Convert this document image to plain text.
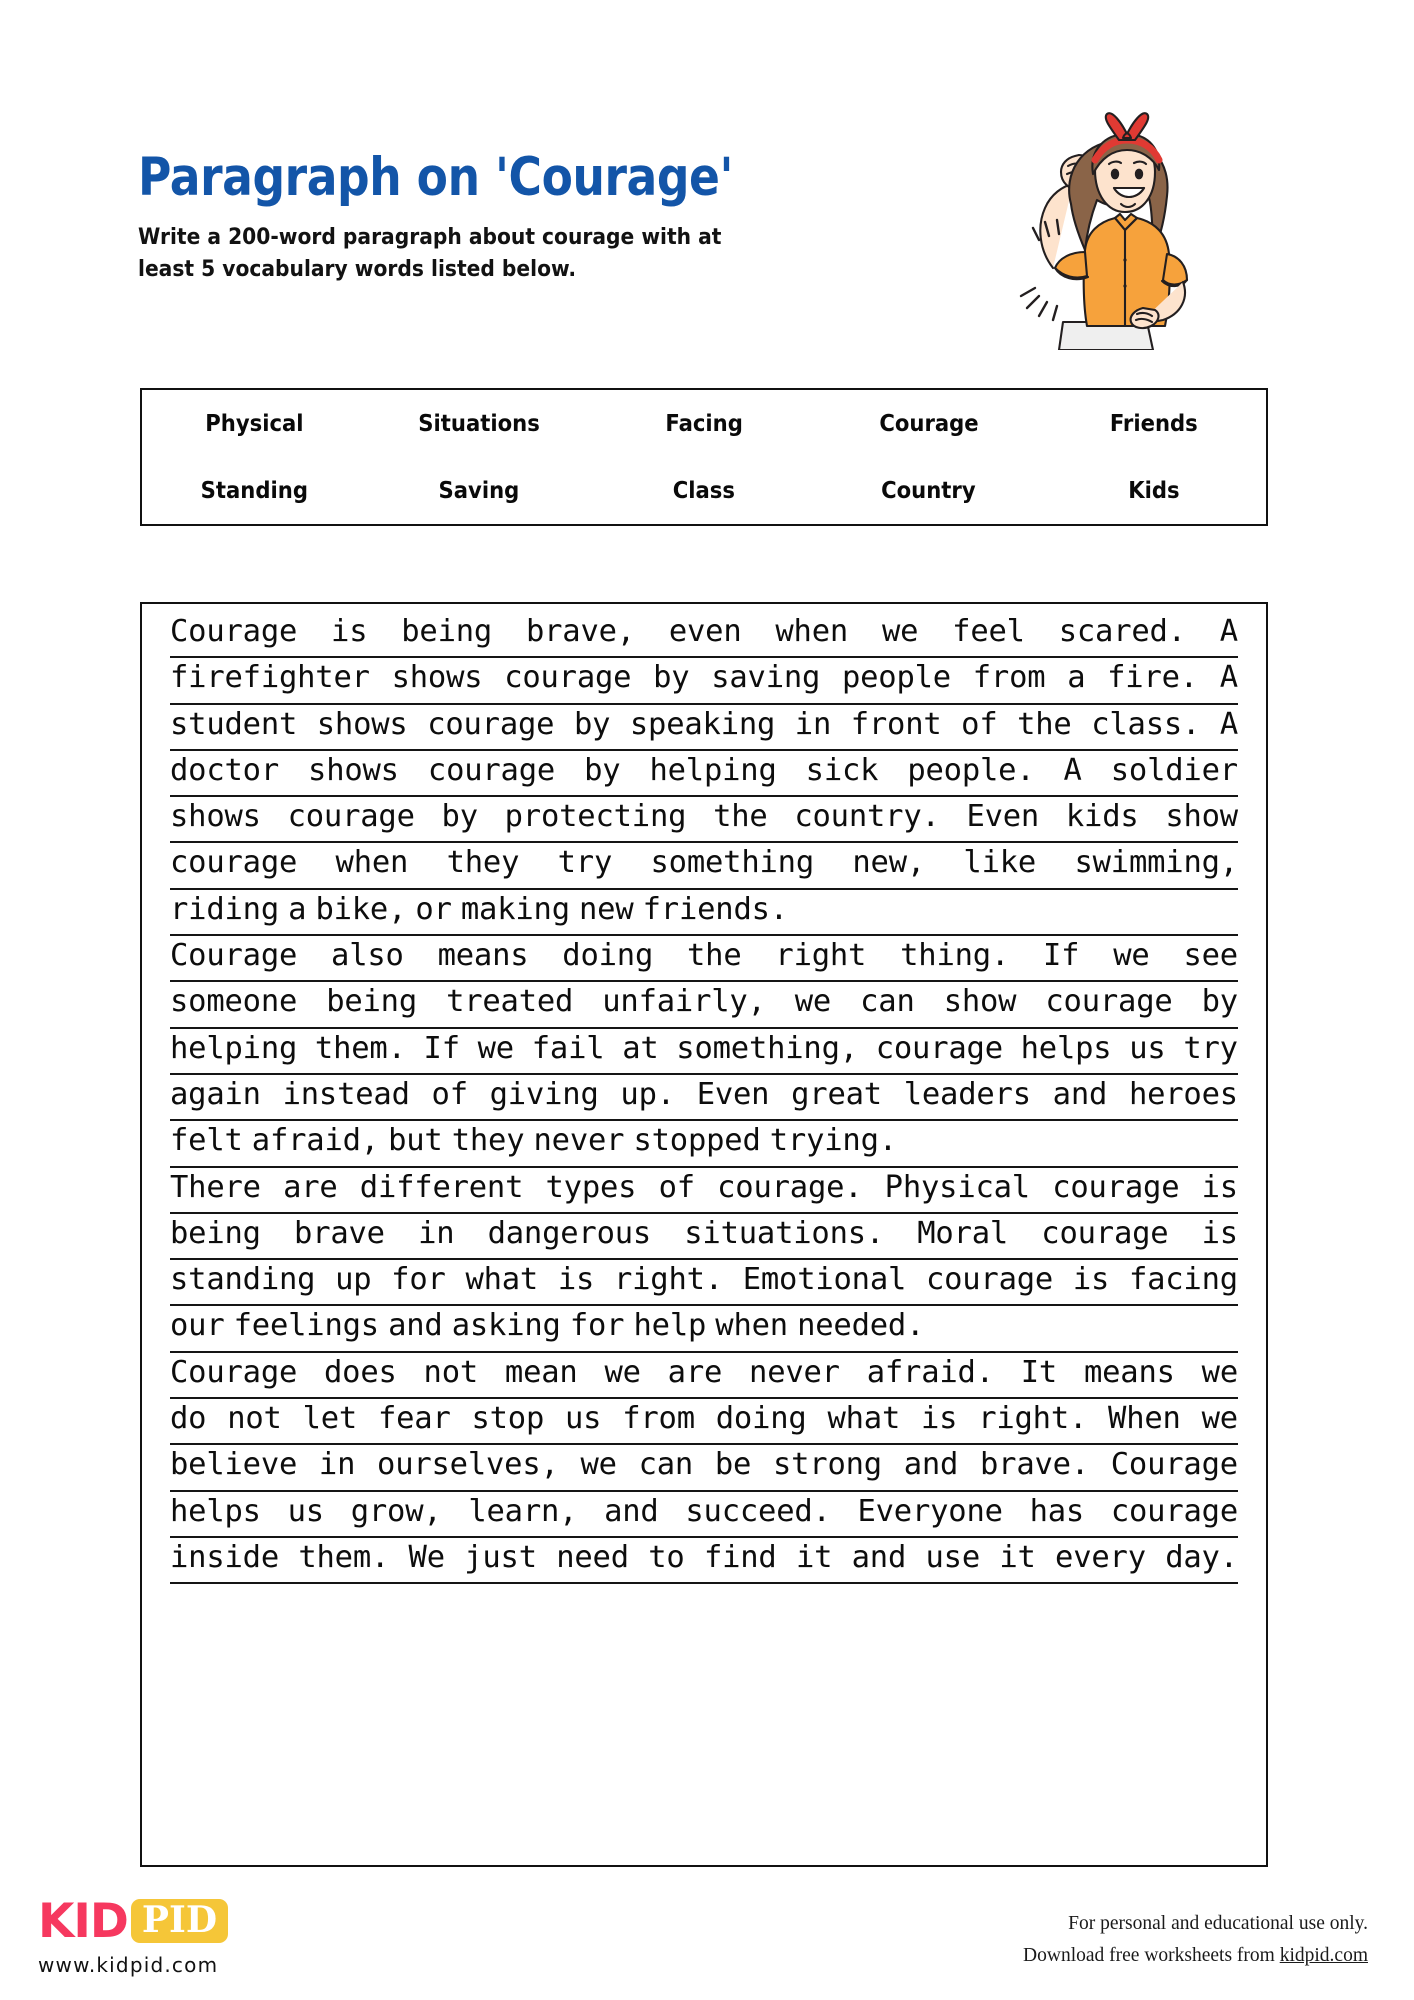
Paragraph on 'Courage'
Write a 200-word paragraph about courage with at
least 5 vocabulary words listed below.
Physical	Situations	Facing	Courage	Friends
Standing	Saving	Class	Country	Kids
Courage is being brave, even when we feel scared. A
firefighter shows courage by saving people from a fire. A
student shows courage by speaking in front of the class. A
doctor shows courage by helping sick people. A soldier
shows courage by protecting the country. Even kids show
courage when they try something new, like swimming,
riding a bike, or making new friends.
Courage also means doing the right thing. If we see
someone being treated unfairly, we can show courage by
helping them. If we fail at something, courage helps us try
again instead of giving up. Even great leaders and heroes
felt afraid, but they never stopped trying.
There are different types of courage. Physical courage is
being brave in dangerous situations. Moral courage is
standing up for what is right. Emotional courage is facing
our feelings and asking for help when needed.
Courage does not mean we are never afraid. It means we
do not let fear stop us from doing what is right. When we
believe in ourselves, we can be strong and brave. Courage
helps us grow, learn, and succeed. Everyone has courage
inside them. We just need to find it and use it every day.
KID PID
www.kidpid.com
For personal and educational use only.
Download free worksheets from kidpid.com
